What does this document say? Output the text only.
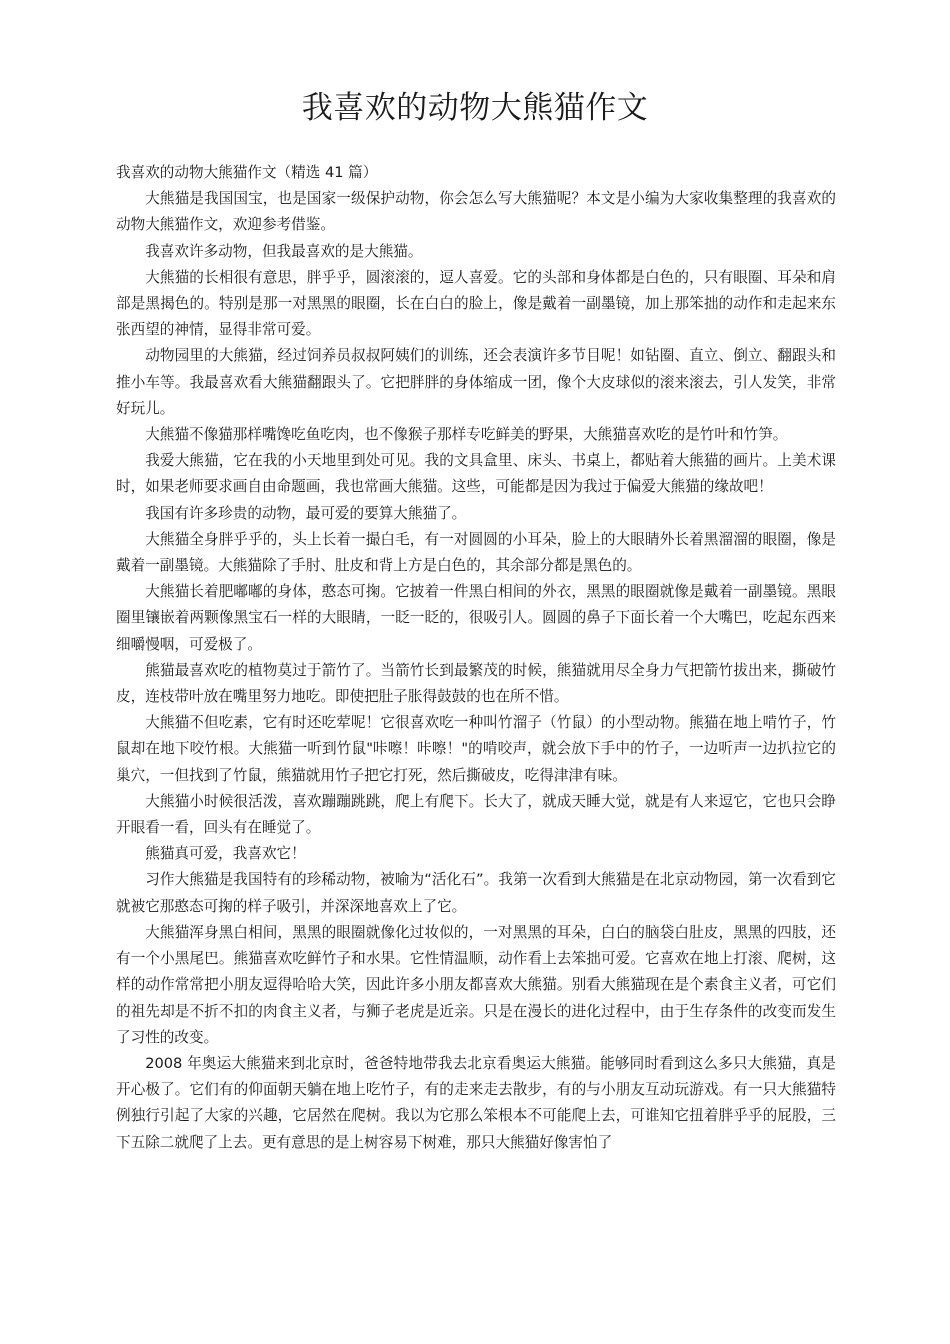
我喜欢的动物大熊猫作文

我喜欢的动物大熊猫作文（精选 41 篇）

大熊猫是我国国宝，也是国家一级保护动物，你会怎么写大熊猫呢？本文是小编为大家收集整理的我喜欢的动物大熊猫作文，欢迎参考借鉴。

我喜欢许多动物，但我最喜欢的是大熊猫。

大熊猫的长相很有意思，胖乎乎，圆滚滚的，逗人喜爱。它的头部和身体都是白色的，只有眼圈、耳朵和肩部是黑揭色的。特别是那一对黑黑的眼圈，长在白白的脸上，像是戴着一副墨镜，加上那笨拙的动作和走起来东张西望的神情，显得非常可爱。

动物园里的大熊猫，经过饲养员叔叔阿姨们的训练，还会表演许多节目呢！如钻圈、直立、倒立、翻跟头和推小车等。我最喜欢看大熊猫翻跟头了。它把胖胖的身体缩成一团，像个大皮球似的滚来滚去，引人发笑，非常好玩儿。

大熊猫不像猫那样嘴馋吃鱼吃肉，也不像猴子那样专吃鲜美的野果，大熊猫喜欢吃的是竹叶和竹笋。

我爱大熊猫，它在我的小天地里到处可见。我的文具盒里、床头、书桌上，都贴着大熊猫的画片。上美术课时，如果老师要求画自由命题画，我也常画大熊猫。这些，可能都是因为我过于偏爱大熊猫的缘故吧！

我国有许多珍贵的动物，最可爱的要算大熊猫了。

大熊猫全身胖乎乎的，头上长着一撮白毛，有一对圆圆的小耳朵，脸上的大眼睛外长着黑溜溜的眼圈，像是戴着一副墨镜。大熊猫除了手肘、肚皮和背上方是白色的，其余部分都是黑色的。

大熊猫长着肥嘟嘟的身体，憨态可掬。它披着一件黑白相间的外衣，黑黑的眼圈就像是戴着一副墨镜。黑眼圈里镶嵌着两颗像黑宝石一样的大眼睛，一眨一眨的，很吸引人。圆圆的鼻子下面长着一个大嘴巴，吃起东西来细嚼慢咽，可爱极了。

熊猫最喜欢吃的植物莫过于箭竹了。当箭竹长到最繁茂的时候，熊猫就用尽全身力气把箭竹拔出来，撕破竹皮，连枝带叶放在嘴里努力地吃。即使把肚子胀得鼓鼓的也在所不惜。

大熊猫不但吃素，它有时还吃荤呢！它很喜欢吃一种叫竹溜子（竹鼠）的小型动物。熊猫在地上啃竹子，竹鼠却在地下咬竹根。大熊猫一听到竹鼠"咔嚓！咔嚓！"的啃咬声，就会放下手中的竹子，一边听声一边扒拉它的巢穴，一但找到了竹鼠，熊猫就用竹子把它打死，然后撕破皮，吃得津津有味。

大熊猫小时候很活泼，喜欢蹦蹦跳跳，爬上有爬下。长大了，就成天睡大觉，就是有人来逗它，它也只会睁开眼看一看，回头有在睡觉了。

熊猫真可爱，我喜欢它！

习作大熊猫是我国特有的珍稀动物，被喻为“活化石”。我第一次看到大熊猫是在北京动物园，第一次看到它就被它那憨态可掬的样子吸引，并深深地喜欢上了它。

大熊猫浑身黑白相间，黑黑的眼圈就像化过妆似的，一对黑黑的耳朵，白白的脑袋白肚皮，黑黑的四肢，还有一个小黑尾巴。熊猫喜欢吃鲜竹子和水果。它性情温顺，动作看上去笨拙可爱。它喜欢在地上打滚、爬树，这样的动作常常把小朋友逗得哈哈大笑，因此许多小朋友都喜欢大熊猫。别看大熊猫现在是个素食主义者，可它们的祖先却是不折不扣的肉食主义者，与狮子老虎是近亲。只是在漫长的进化过程中，由于生存条件的改变而发生了习性的改变。

2008 年奥运大熊猫来到北京时，爸爸特地带我去北京看奥运大熊猫。能够同时看到这么多只大熊猫，真是开心极了。它们有的仰面朝天躺在地上吃竹子，有的走来走去散步，有的与小朋友互动玩游戏。有一只大熊猫特例独行引起了大家的兴趣，它居然在爬树。我以为它那么笨根本不可能爬上去，可谁知它扭着胖乎乎的屁股，三下五除二就爬了上去。更有意思的是上树容易下树难，那只大熊猫好像害怕了
